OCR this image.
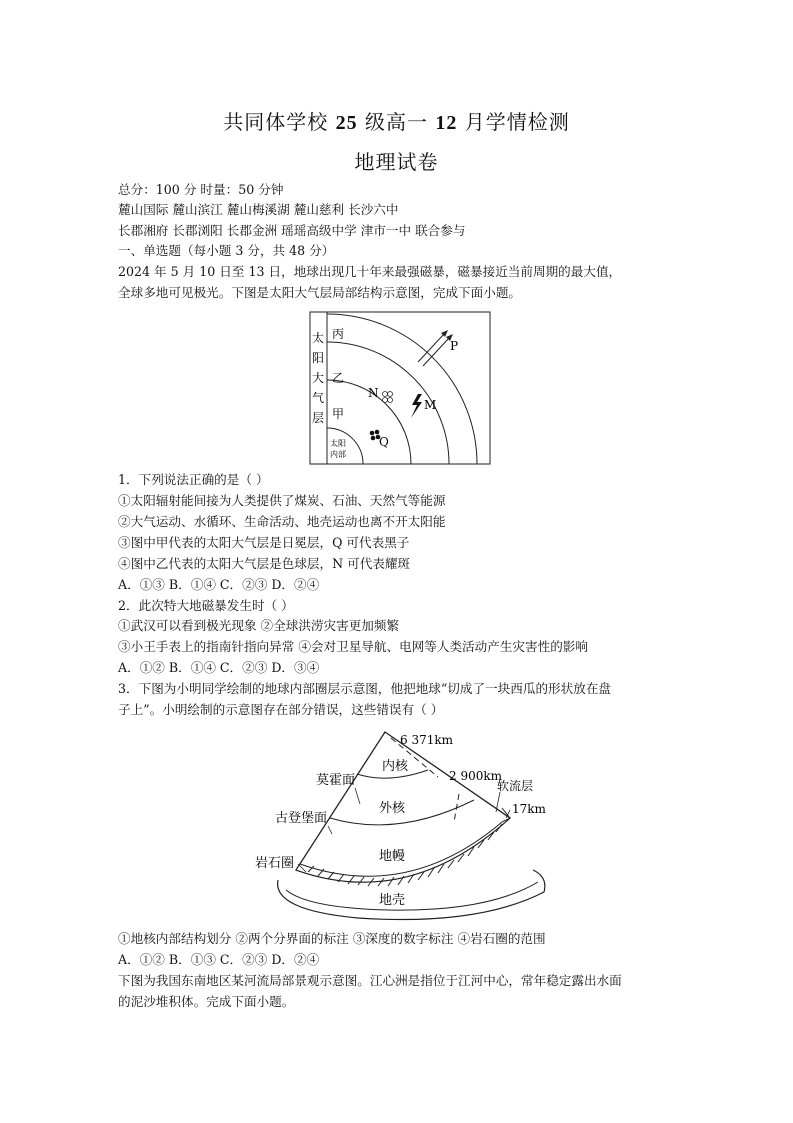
共同体学校 25 级高一 12 月学情检测
地理试卷
总分：100 分 时量：50 分钟
麓山国际 麓山滨江 麓山梅溪湖 麓山慈利 长沙六中
长郡湘府 长郡浏阳 长郡金洲 瑶瑶高级中学 津市一中 联合参与
一、单选题（每小题 3 分，共 48 分）
2024 年 5 月 10 日至 13 日，地球出现几十年来最强磁暴，磁暴接近当前周期的最大值，
全球多地可见极光。下图是太阳大气层局部结构示意图，完成下面小题。
太
阳
大
气
层
丙
乙
甲
太阳
内部
P
M
N
Q
1．下列说法正确的是（ ）
①太阳辐射能间接为人类提供了煤炭、石油、天然气等能源
②大气运动、水循环、生命活动、地壳运动也离不开太阳能
③图中甲代表的太阳大气层是日冕层，Q 可代表黑子
④图中乙代表的太阳大气层是色球层，N 可代表耀斑
A．①③ B．①④ C．②③ D．②④
2．此次特大地磁暴发生时（ ）
①武汉可以看到极光现象 ②全球洪涝灾害更加频繁
③小王手表上的指南针指向异常 ④会对卫星导航、电网等人类活动产生灾害性的影响
A．①② B．①④ C．②③ D．③④
3．下图为小明同学绘制的地球内部圈层示意图，他把地球“切成了一块西瓜的形状放在盘
子上”。小明绘制的示意图存在部分错误，这些错误有（ ）
6 371km
2 900km
软流层
17km
莫霍面
古登堡面
岩石圈
内核
外核
地幔
地壳
①地核内部结构划分 ②两个分界面的标注 ③深度的数字标注 ④岩石圈的范围
A．①② B．①③ C．②③ D．②④
下图为我国东南地区某河流局部景观示意图。江心洲是指位于江河中心，常年稳定露出水面
的泥沙堆积体。完成下面小题。
